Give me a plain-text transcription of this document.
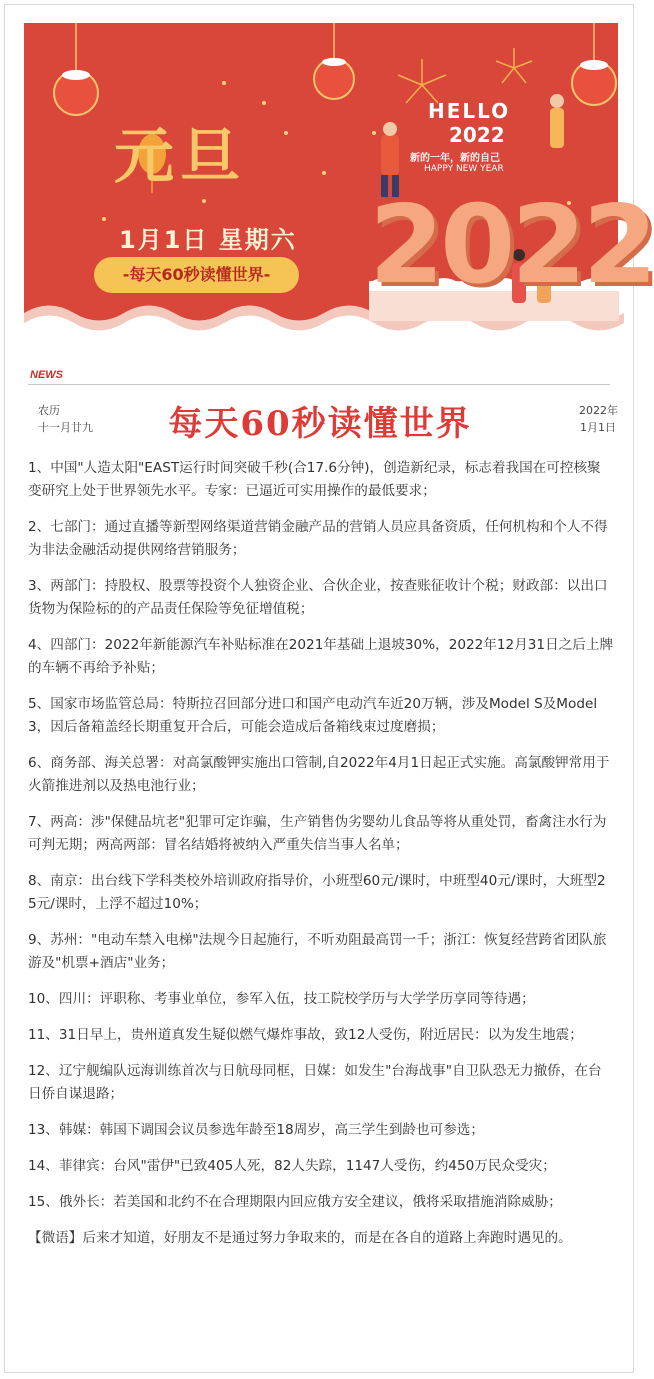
元旦
1月1日 星期六
-每天60秒读懂世界-
HELLO
2022
新的一年，新的自己
HAPPY NEW YEAR
2022
NEWS
农历
十一月廿九	每天60秒读懂世界	2022年
1月1日

1、中国"人造太阳"EAST运行时间突破千秒(合17.6分钟)，创造新纪录，标志着我国在可控核聚变研究上处于世界领先水平。专家：已逼近可实用操作的最低要求；

2、七部门：通过直播等新型网络渠道营销金融产品的营销人员应具备资质，任何机构和个人不得为非法金融活动提供网络营销服务；

3、两部门：持股权、股票等投资个人独资企业、合伙企业，按查账征收计个税；财政部：以出口货物为保险标的的产品责任保险等免征增值税；

4、四部门：2022年新能源汽车补贴标准在2021年基础上退坡30%，2022年12月31日之后上牌的车辆不再给予补贴；

5、国家市场监管总局：特斯拉召回部分进口和国产电动汽车近20万辆，涉及Model S及Model 3，因后备箱盖经长期重复开合后，可能会造成后备箱线束过度磨损；

6、商务部、海关总署：对高氯酸钾实施出口管制,自2022年4月1日起正式实施。高氯酸钾常用于火箭推进剂以及热电池行业；

7、两高：涉"保健品坑老"犯罪可定诈骗，生产销售伪劣婴幼儿食品等将从重处罚，畜禽注水行为可判无期；两高两部：冒名结婚将被纳入严重失信当事人名单；

8、南京：出台线下学科类校外培训政府指导价，小班型60元/课时，中班型40元/课时，大班型25元/课时，上浮不超过10%；

9、苏州："电动车禁入电梯"法规今日起施行，不听劝阻最高罚一千；浙江：恢复经营跨省团队旅游及"机票+酒店"业务；

10、四川：评职称、考事业单位，参军入伍，技工院校学历与大学学历享同等待遇；

11、31日早上，贵州道真发生疑似燃气爆炸事故，致12人受伤，附近居民：以为发生地震；

12、辽宁舰编队远海训练首次与日航母同框，日媒：如发生"台海战事"自卫队恐无力撤侨，在台日侨自谋退路；

13、韩媒：韩国下调国会议员参选年龄至18周岁，高三学生到龄也可参选；

14、菲律宾：台风"雷伊"已致405人死，82人失踪，1147人受伤，约450万民众受灾；

15、俄外长：若美国和北约不在合理期限内回应俄方安全建议，俄将采取措施消除威胁；

【微语】后来才知道，好朋友不是通过努力争取来的，而是在各自的道路上奔跑时遇见的。
